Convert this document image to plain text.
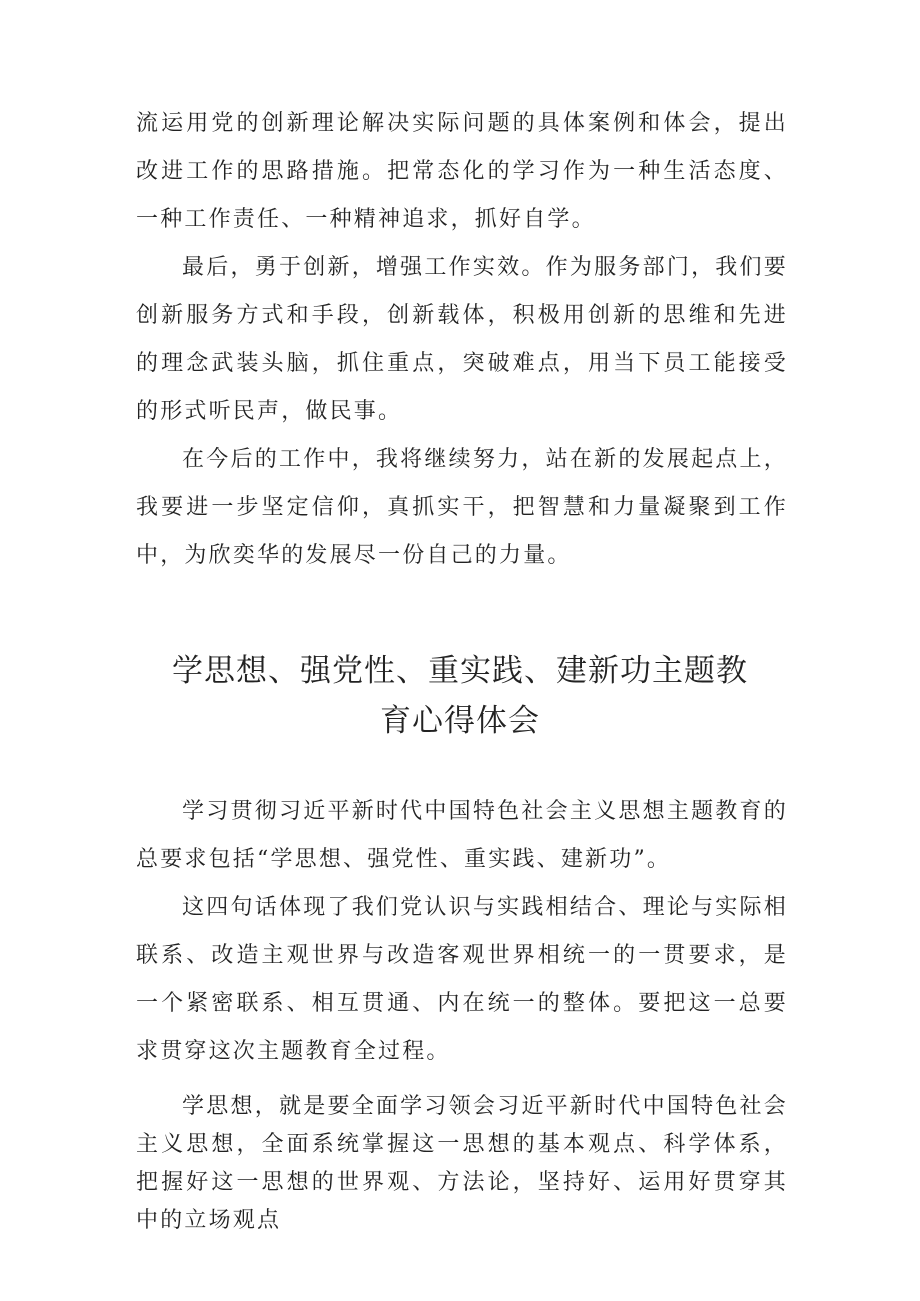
流运用党的创新理论解决实际问题的具体案例和体会，提出改进工作的思路措施。把常态化的学习作为一种生活态度、一种工作责任、一种精神追求，抓好自学。

最后，勇于创新，增强工作实效。作为服务部门，我们要创新服务方式和手段，创新载体，积极用创新的思维和先进的理念武装头脑，抓住重点，突破难点，用当下员工能接受的形式听民声，做民事。

在今后的工作中，我将继续努力，站在新的发展起点上，我要进一步坚定信仰，真抓实干，把智慧和力量凝聚到工作中，为欣奕华的发展尽一份自己的力量。

学思想、强党性、重实践、建新功主题教
育心得体会

学习贯彻习近平新时代中国特色社会主义思想主题教育的总要求包括“学思想、强党性、重实践、建新功”。

这四句话体现了我们党认识与实践相结合、理论与实际相联系、改造主观世界与改造客观世界相统一的一贯要求，是一个紧密联系、相互贯通、内在统一的整体。要把这一总要求贯穿这次主题教育全过程。

学思想，就是要全面学习领会习近平新时代中国特色社会主义思想，全面系统掌握这一思想的基本观点、科学体系，把握好这一思想的世界观、方法论，坚持好、运用好贯穿其中的立场观点
